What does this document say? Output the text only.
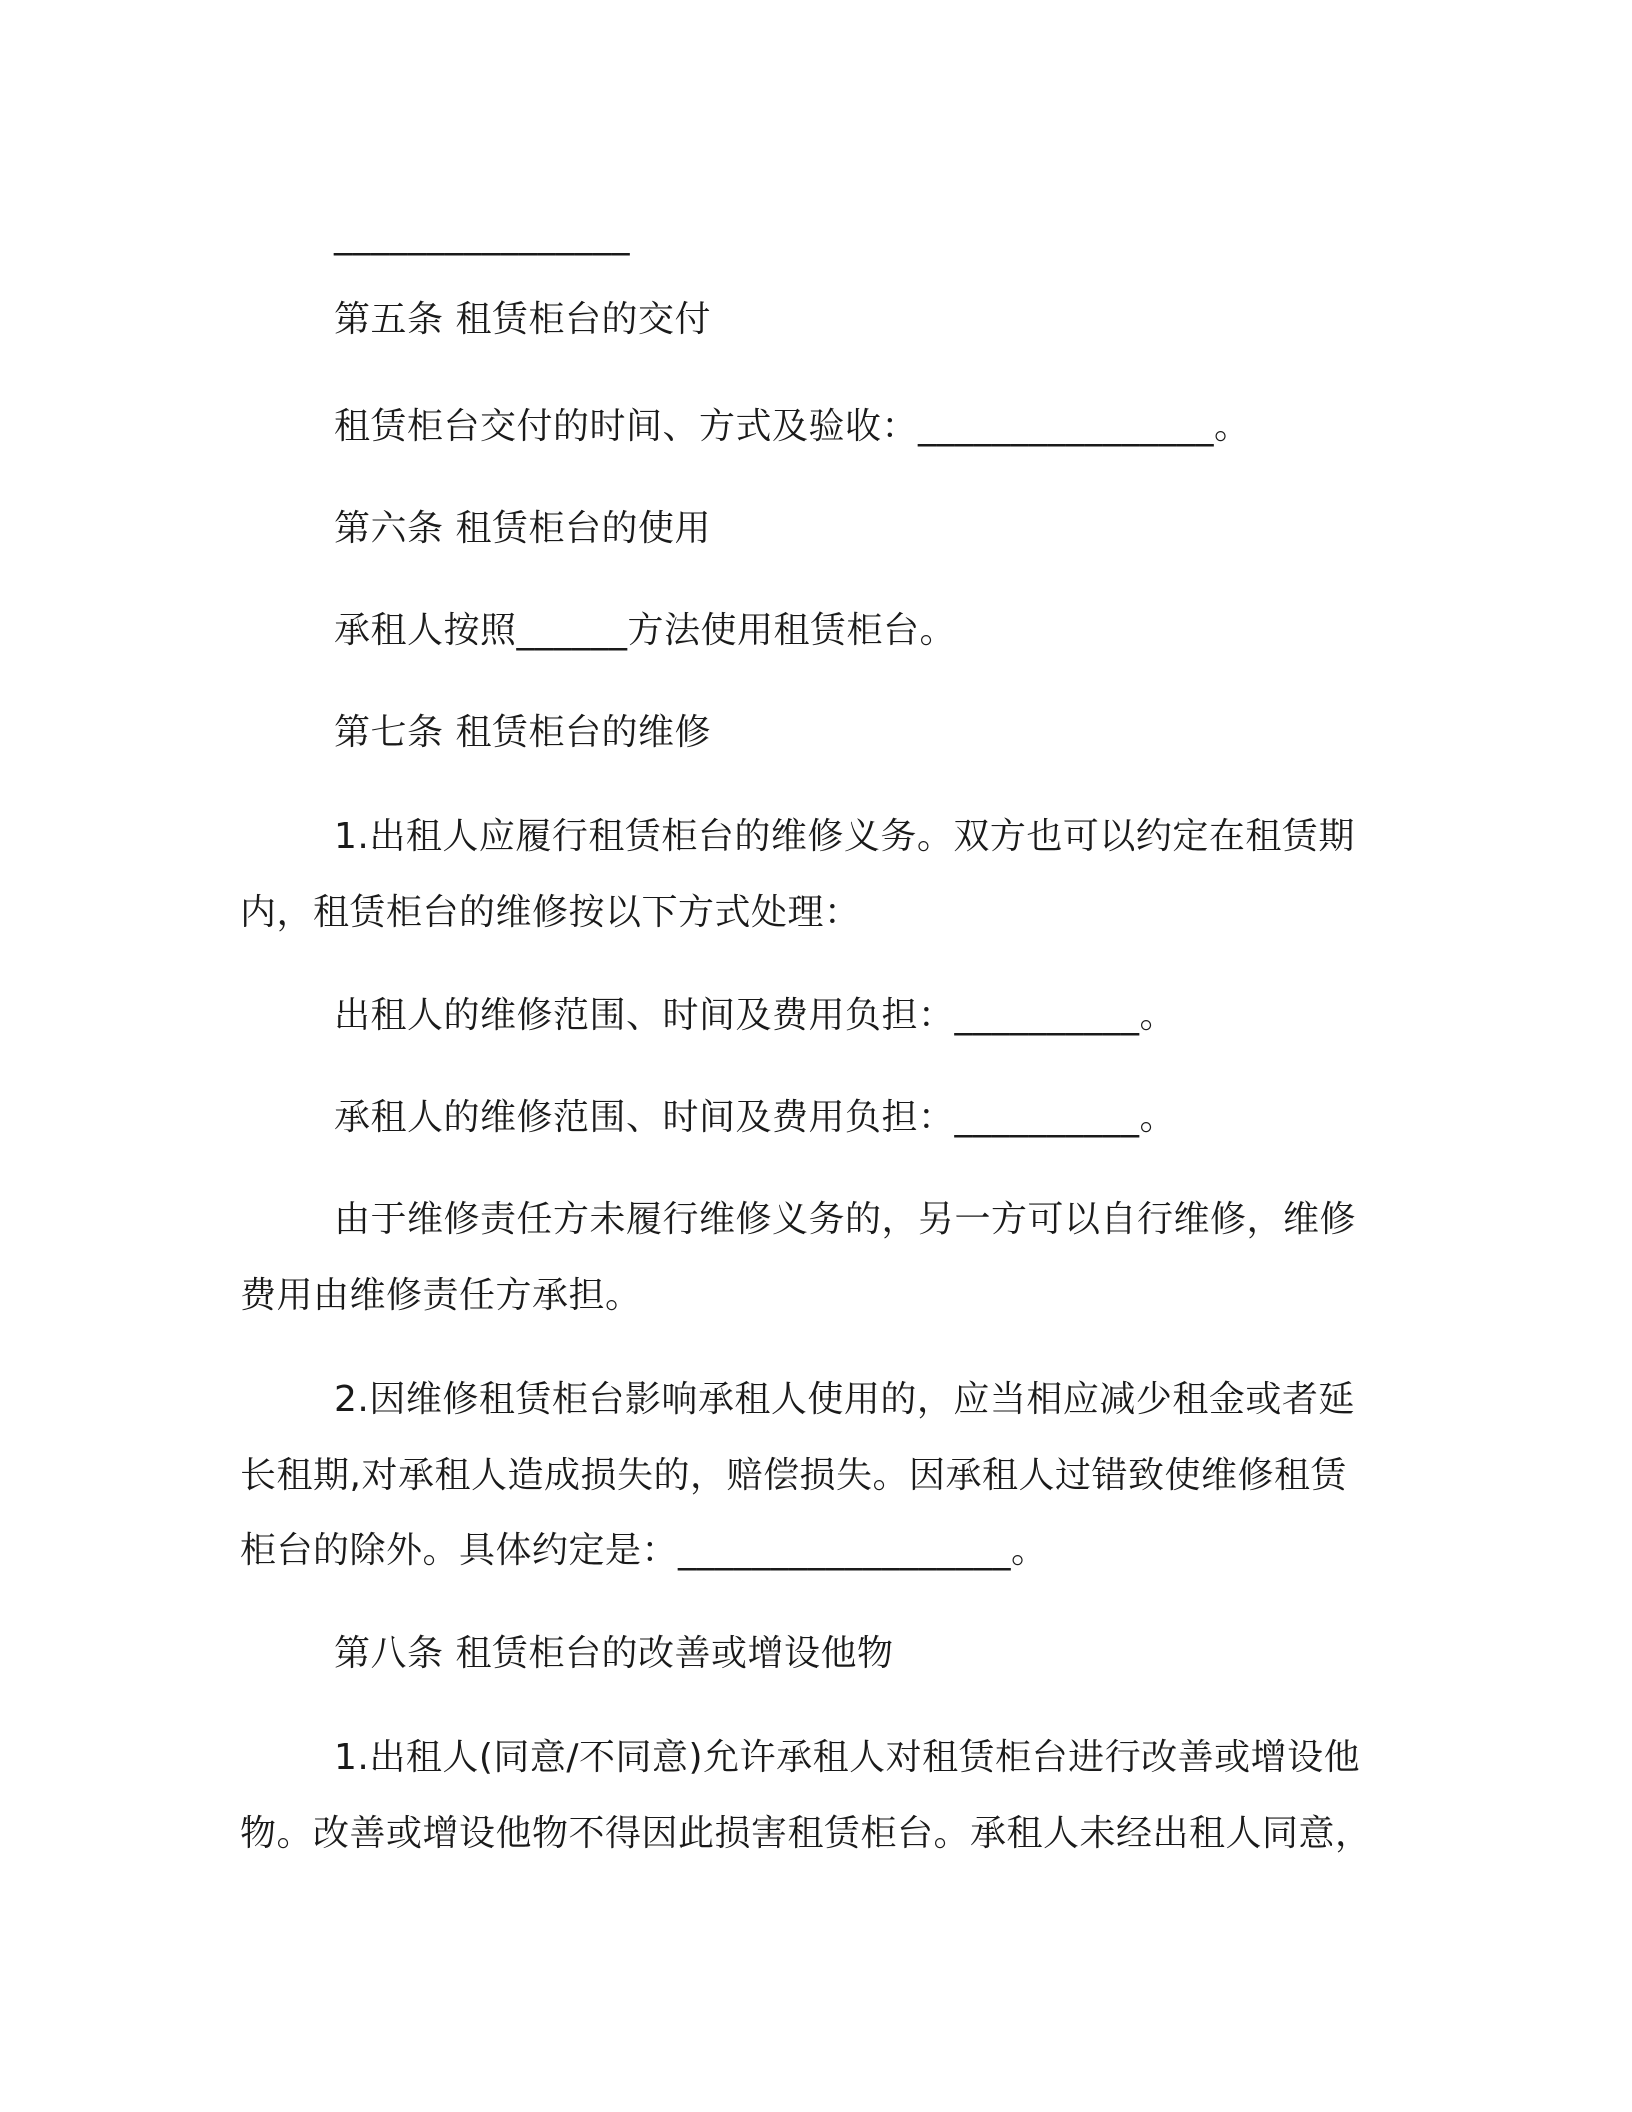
________________
第五条 租赁柜台的交付
租赁柜台交付的时间、方式及验收：________________。
第六条 租赁柜台的使用
承租人按照______方法使用租赁柜台。
第七条 租赁柜台的维修
1.出租人应履行租赁柜台的维修义务。双方也可以约定在租赁期
内，租赁柜台的维修按以下方式处理：
出租人的维修范围、时间及费用负担：__________。
承租人的维修范围、时间及费用负担：__________。
由于维修责任方未履行维修义务的，另一方可以自行维修，维修
费用由维修责任方承担。
2.因维修租赁柜台影响承租人使用的，应当相应减少租金或者延
长租期,对承租人造成损失的，赔偿损失。因承租人过错致使维修租赁
柜台的除外。具体约定是：__________________。
第八条 租赁柜台的改善或增设他物
1.出租人(同意/不同意)允许承租人对租赁柜台进行改善或增设他
物。改善或增设他物不得因此损害租赁柜台。承租人未经出租人同意，
